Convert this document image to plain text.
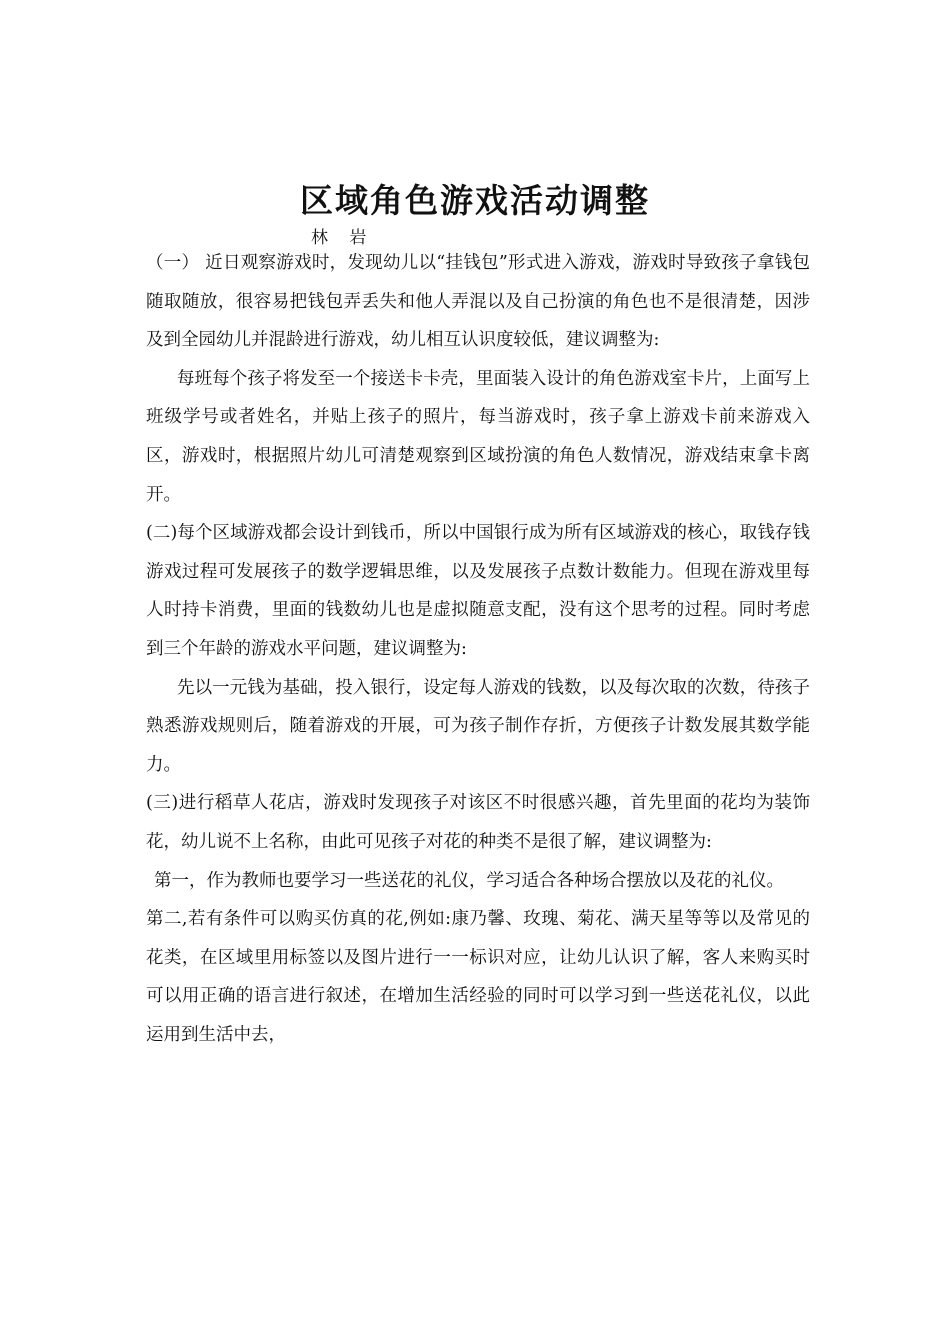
区域角色游戏活动调整
林 岩

（一） 近日观察游戏时，发现幼儿以“挂钱包”形式进入游戏，游戏时导致孩子拿钱包随取随放，很容易把钱包弄丢失和他人弄混以及自己扮演的角色也不是很清楚，因涉及到全园幼儿并混龄进行游戏，幼儿相互认识度较低，建议调整为:

每班每个孩子将发至一个接送卡卡壳，里面装入设计的角色游戏室卡片，上面写上班级学号或者姓名，并贴上孩子的照片，每当游戏时，孩子拿上游戏卡前来游戏入区，游戏时，根据照片幼儿可清楚观察到区域扮演的角色人数情况，游戏结束拿卡离开。

(二)每个区域游戏都会设计到钱币，所以中国银行成为所有区域游戏的核心，取钱存钱游戏过程可发展孩子的数学逻辑思维，以及发展孩子点数计数能力。但现在游戏里每人时持卡消费，里面的钱数幼儿也是虚拟随意支配，没有这个思考的过程。同时考虑到三个年龄的游戏水平问题，建议调整为:

先以一元钱为基础，投入银行，设定每人游戏的钱数，以及每次取的次数，待孩子熟悉游戏规则后，随着游戏的开展，可为孩子制作存折，方便孩子计数发展其数学能力。

(三)进行稻草人花店，游戏时发现孩子对该区不时很感兴趣，首先里面的花均为装饰花，幼儿说不上名称，由此可见孩子对花的种类不是很了解，建议调整为:

第一，作为教师也要学习一些送花的礼仪，学习适合各种场合摆放以及花的礼仪。

第二,若有条件可以购买仿真的花,例如:康乃馨、玫瑰、菊花、满天星等等以及常见的花类，在区域里用标签以及图片进行一一标识对应，让幼儿认识了解，客人来购买时可以用正确的语言进行叙述，在增加生活经验的同时可以学习到一些送花礼仪，以此运用到生活中去，
